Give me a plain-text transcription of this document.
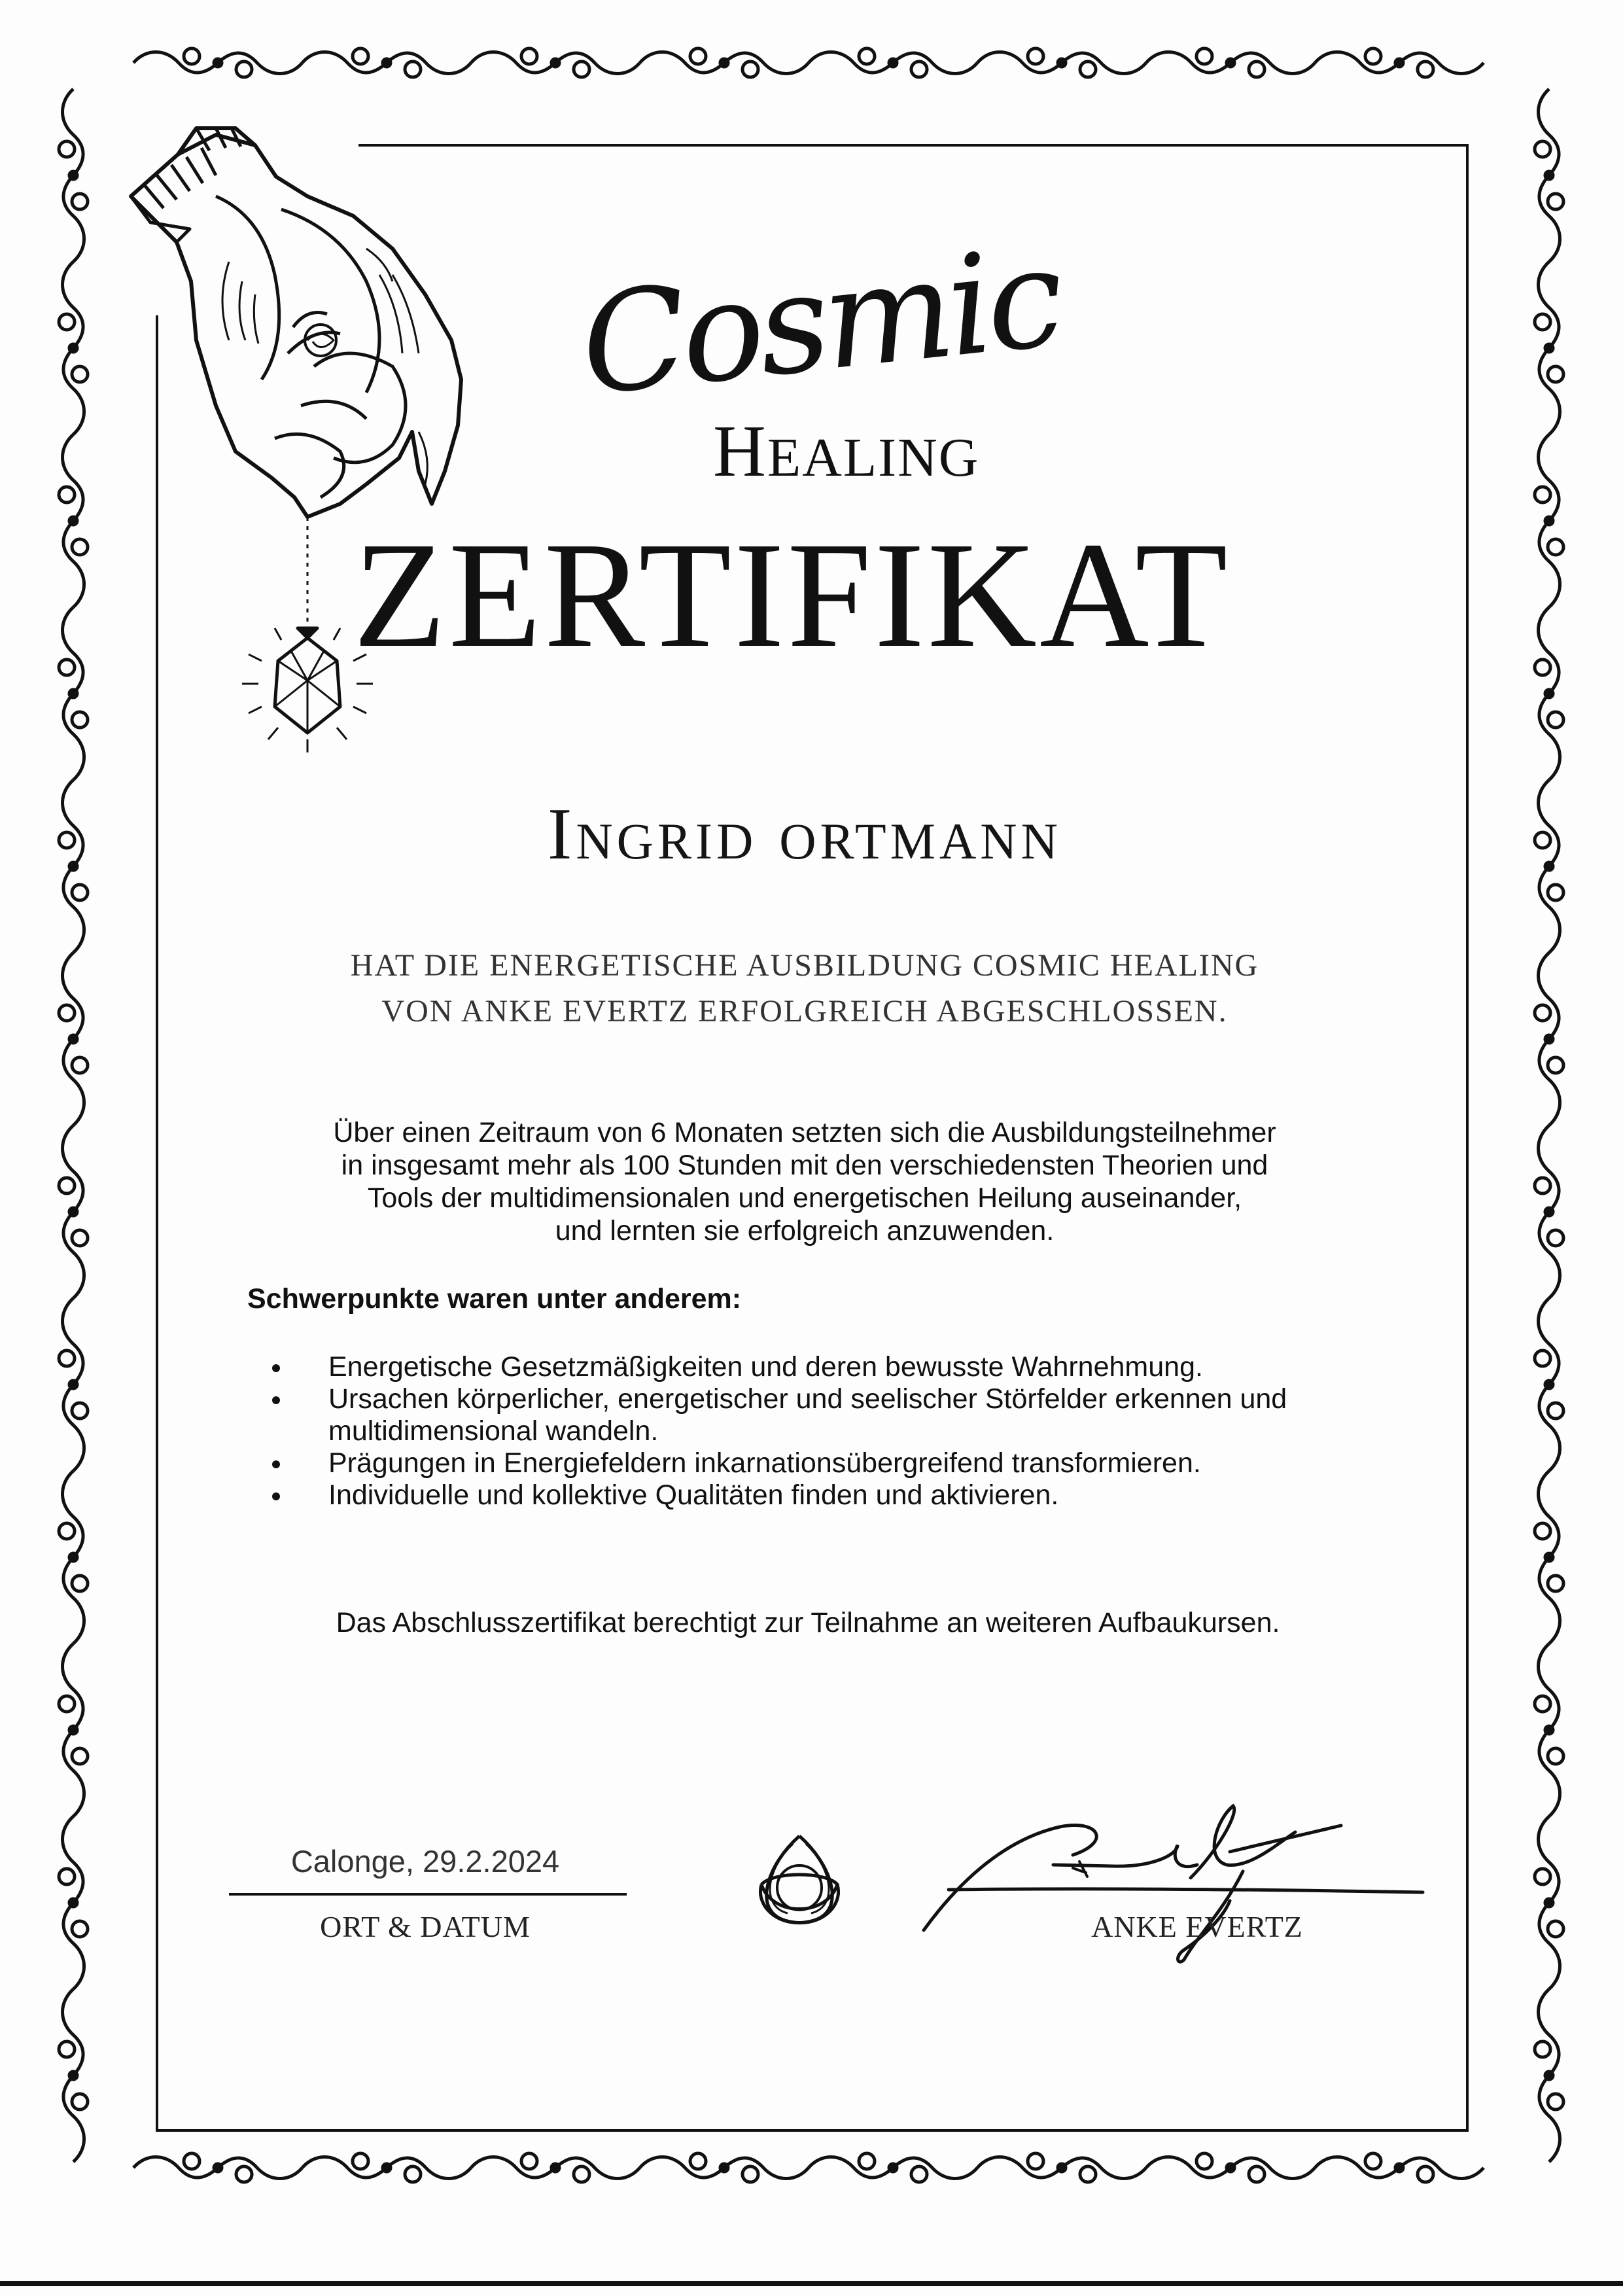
Cosmic
HEALING
ZERTIFIKAT
Ingrid ortmann
HAT DIE ENERGETISCHE AUSBILDUNG COSMIC HEALING
VON ANKE EVERTZ ERFOLGREICH ABGESCHLOSSEN.
Über einen Zeitraum von 6 Monaten setzten sich die Ausbildungsteilnehmer
in insgesamt mehr als 100 Stunden mit den verschiedensten Theorien und
Tools der multidimensionalen und energetischen Heilung auseinander,
und lernten sie erfolgreich anzuwenden.
Schwerpunkte waren unter anderem:
Energetische Gesetzmäßigkeiten und deren bewusste Wahrnehmung.
Ursachen körperlicher, energetischer und seelischer Störfelder erkennen und multidimensional wandeln.
Prägungen in Energiefeldern inkarnationsübergreifend transformieren.
Individuelle und kollektive Qualitäten finden und aktivieren.
Das Abschlusszertifikat berechtigt zur Teilnahme an weiteren Aufbaukursen.
Calonge, 29.2.2024
ORT & DATUM	ANKE EVERTZ
